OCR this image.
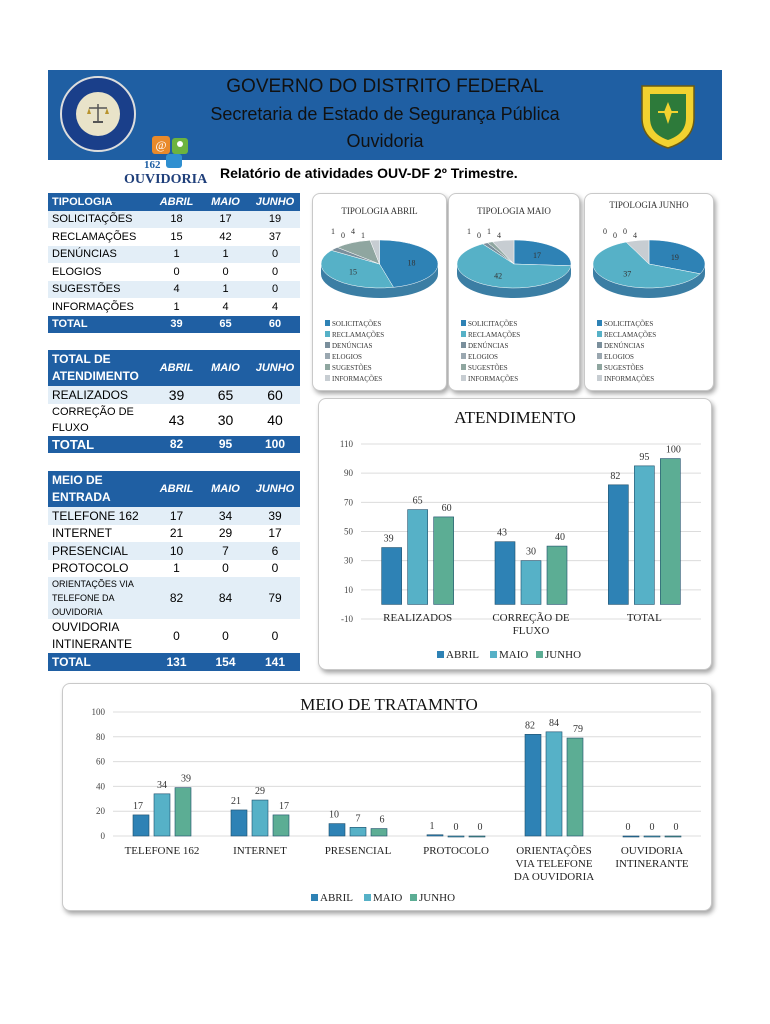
GOVERNO DO DISTRITO FEDERAL
Secretaria de Estado de Segurança Pública
Ouvidoria
@
162
OUVIDORIA Relatório de atividades OUV-DF 2º Trimestre.
TIPOLOGIA	ABRIL	MAIO	JUNHO
SOLICITAÇÕES	18	17	19
RECLAMAÇÕES	15	42	37
DENÚNCIAS	1	1	0
ELOGIOS	0	0	0
SUGESTÕES	4	1	0
INFORMAÇÕES	1	4	4
TOTAL	39	65	60
TOTAL DE
ATENDIMENTO	ABRIL	MAIO	JUNHO
REALIZADOS	39	65	60
CORREÇÃO DE
FLUXO	43	30	40
TOTAL	82	95	100
MEIO DE
ENTRADA	ABRIL	MAIO	JUNHO
TELEFONE 162	17	34	39
INTERNET	21	29	17
PRESENCIAL	10	7	6
PROTOCOLO	1	0	0
ORIENTAÇÕES VIA
TELEFONE DA
OUVIDORIA	82	84	79
OUVIDORIA
INTINERANTE	0	0	0
TOTAL	131	154	141
TIPOLOGIA ABRIL
18
15
1 0 4 1
SOLICITAÇÕES
RECLAMAÇÕES
DENÚNCIAS
ELOGIOS
SUGESTÕES
INFORMAÇÕES
TIPOLOGIA MAIO
17
42
1 0 1 4
SOLICITAÇÕES
RECLAMAÇÕES
DENÚNCIAS
ELOGIOS
SUGESTÕES
INFORMAÇÕES
TIPOLOGIA JUNHO
19
37
0 0 0 4
SOLICITAÇÕES
RECLAMAÇÕES
DENÚNCIAS
ELOGIOS
SUGESTÕES
INFORMAÇÕES
ATENDIMENTO
110
90
70
50
30
10
-10
39
65
60
REALIZADOS
43
30
40
CORREÇÃO DE
FLUXO
82
95
100
TOTAL
ABRIL MAIO JUNHO
MEIO DE TRATAMNTO
100
80
60
40
20
0
17
34
39
TELEFONE 162
21
29
17
INTERNET
10 7 6
PRESENCIAL
1 0 0
PROTOCOLO
82 84
79
ORIENTAÇÕES
VIA TELEFONE
DA OUVIDORIA
0 0 0
OUVIDORIA
INTINERANTE
ABRIL MAIO JUNHO
